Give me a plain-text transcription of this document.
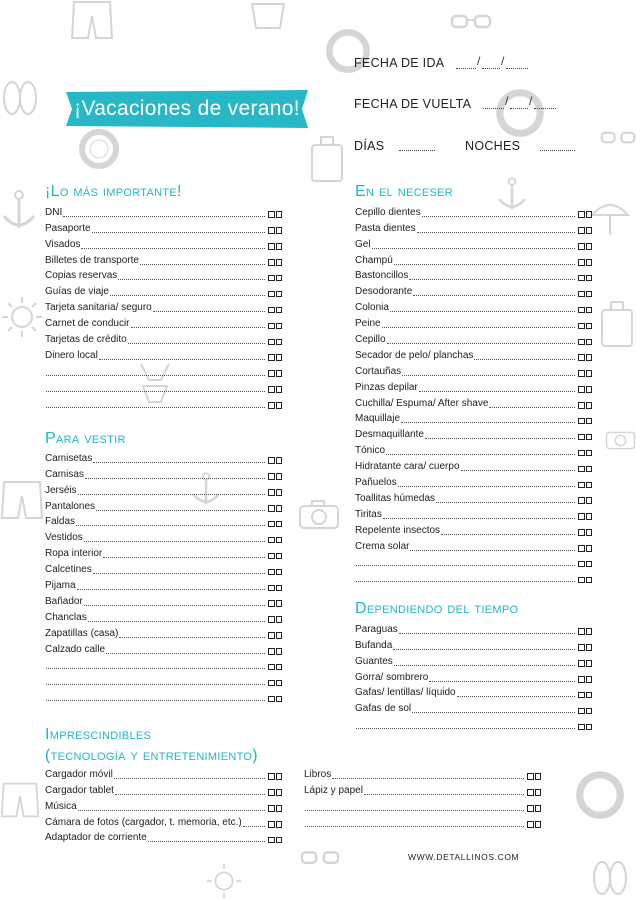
¡Vacaciones de verano!
FECHA DE IDA	/ /
FECHA DE VUELTA	/ /
DÍAS	NOCHES
¡Lo más importante!
Para vestir
En el neceser
Dependiendo del tiempo
Imprescindibles
(tecnología y entretenimiento)
DNI
Pasaporte
Visados
Billetes de transporte
Copias reservas
Guías de viaje
Tarjeta sanitaria/ seguro
Carnet de conducir
Tarjetas de crédito
Dinero local
Camisetas
Camisas
Jerséis
Pantalones
Faldas
Vestidos
Ropa interior
Calcetines
Pijama
Bañador
Chanclas
Zapatillas (casa)
Calzado calle
Cepillo dientes
Pasta dientes
Gel
Champú
Bastoncillos
Desodorante
Colonia
Peine
Cepillo
Secador de pelo/ planchas
Cortauñas
Pinzas depilar
Cuchilla/ Espuma/ After shave
Maquillaje
Desmaquillante
Tónico
Hidratante cara/ cuerpo
Pañuelos
Toallitas húmedas
Tiritas
Repelente insectos
Crema solar
Paraguas
Bufanda
Guantes
Gorra/ sombrero
Gafas/ lentillas/ líquido
Gafas de sol
Cargador móvil
Cargador tablet
Música
Cámara de fotos (cargador, t. memoria, etc.)
Adaptador de corriente
Libros
Lápiz y papel
WWW.DETALLINOS.COM
